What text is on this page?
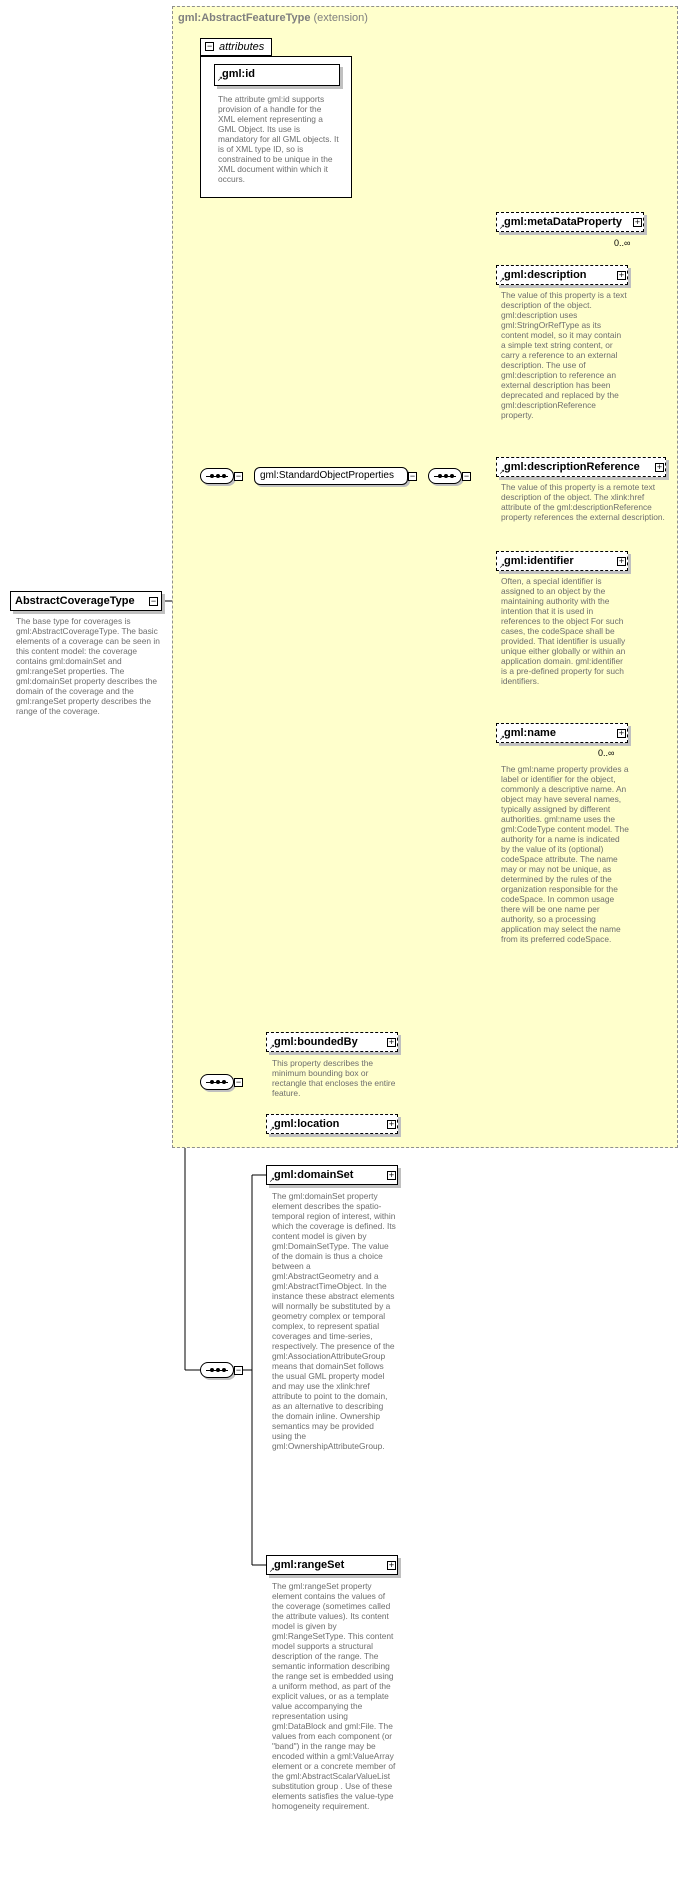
gml:AbstractFeatureType (extension)
− attributes
↗ gml:id
The attribute gml:id supports provision of a handle for the XML element representing a GML Object. Its use is mandatory for all GML objects. It is of XML type ID, so is constrained to be unique in the XML document within which it occurs.
AbstractCoverageType −
The base type for coverages is gml:AbstractCoverageType. The basic elements of a coverage can be seen in this content model: the coverage contains gml:domainSet and gml:rangeSet properties. The gml:domainSet property describes the domain of the coverage and the gml:rangeSet property describes the range of the coverage.
− gml:StandardObjectProperties −	−
↗ gml:metaDataProperty +
0..∞
↗ gml:description	+
The value of this property is a text description of the object. gml:description uses gml:StringOrRefType as its content model, so it may contain a simple text string content, or carry a reference to an external description. The use of gml:description to reference an external description has been deprecated and replaced by the gml:descriptionReference property.
↗ gml:descriptionReference +
The value of this property is a remote text description of the object. The xlink:href attribute of the gml:descriptionReference property references the external description.
↗ gml:identifier	+
Often, a special identifier is assigned to an object by the maintaining authority with the intention that it is used in references to the object For such cases, the codeSpace shall be provided. That identifier is usually unique either globally or within an application domain. gml:identifier is a pre-defined property for such identifiers.
↗ gml:name	+
0..∞
The gml:name property provides a label or identifier for the object, commonly a descriptive name. An object may have several names, typically assigned by different authorities. gml:name uses the gml:CodeType content model. The authority for a name is indicated by the value of its (optional) codeSpace attribute. The name may or may not be unique, as determined by the rules of the organization responsible for the codeSpace. In common usage there will be one name per authority, so a processing application may select the name from its preferred codeSpace.
−
↗ gml:boundedBy	+
This property describes the minimum bounding box or rectangle that encloses the entire feature.
↗ gml:location	+
−
↗ gml:domainSet	+
The gml:domainSet property element describes the spatio-temporal region of interest, within which the coverage is defined. Its content model is given by gml:DomainSetType. The value of the domain is thus a choice between a gml:AbstractGeometry and a gml:AbstractTimeObject. In the instance these abstract elements will normally be substituted by a geometry complex or temporal complex, to represent spatial coverages and time-series, respectively. The presence of the gml:AssociationAttributeGroup means that domainSet follows the usual GML property model and may use the xlink:href attribute to point to the domain, as an alternative to describing the domain inline. Ownership semantics may be provided using the gml:OwnershipAttributeGroup.
↗ gml:rangeSet	+
The gml:rangeSet property element contains the values of the coverage (sometimes called the attribute values). Its content model is given by gml:RangeSetType. This content model supports a structural description of the range. The semantic information describing the range set is embedded using a uniform method, as part of the explicit values, or as a template value accompanying the representation using gml:DataBlock and gml:File. The values from each component (or "band") in the range may be encoded within a gml:ValueArray element or a concrete member of the gml:AbstractScalarValueList substitution group . Use of these elements satisfies the value-type homogeneity requirement.
